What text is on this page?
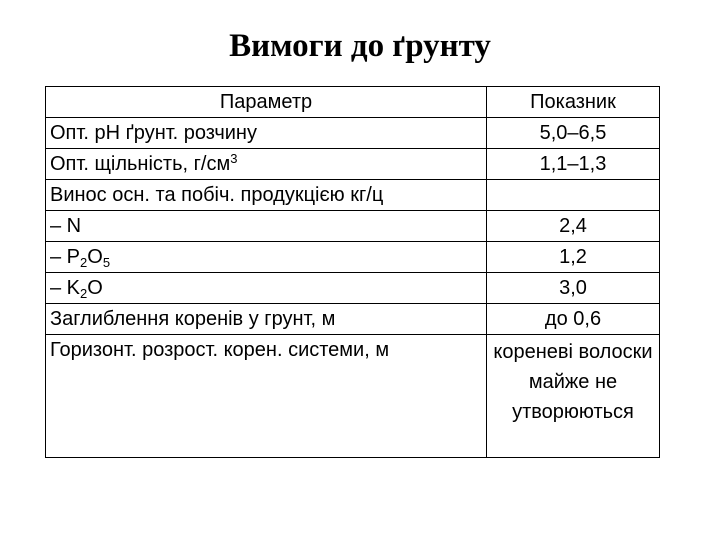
Вимоги до ґрунту
Параметр	Показник
Опт. рН ґрунт. розчину	5,0–6,5
Опт. щільність, $г/см^3$	1,1–1,3
Винос осн. та побіч. продукцією кг/ц	
– N	2,4
– $P_2O_5$	1,2
– $K_2O$	3,0
Заглиблення коренів у грунт, м	до 0,6
Горизонт. розрост. корен. системи, м	кореневі волоски майже не утворюються
